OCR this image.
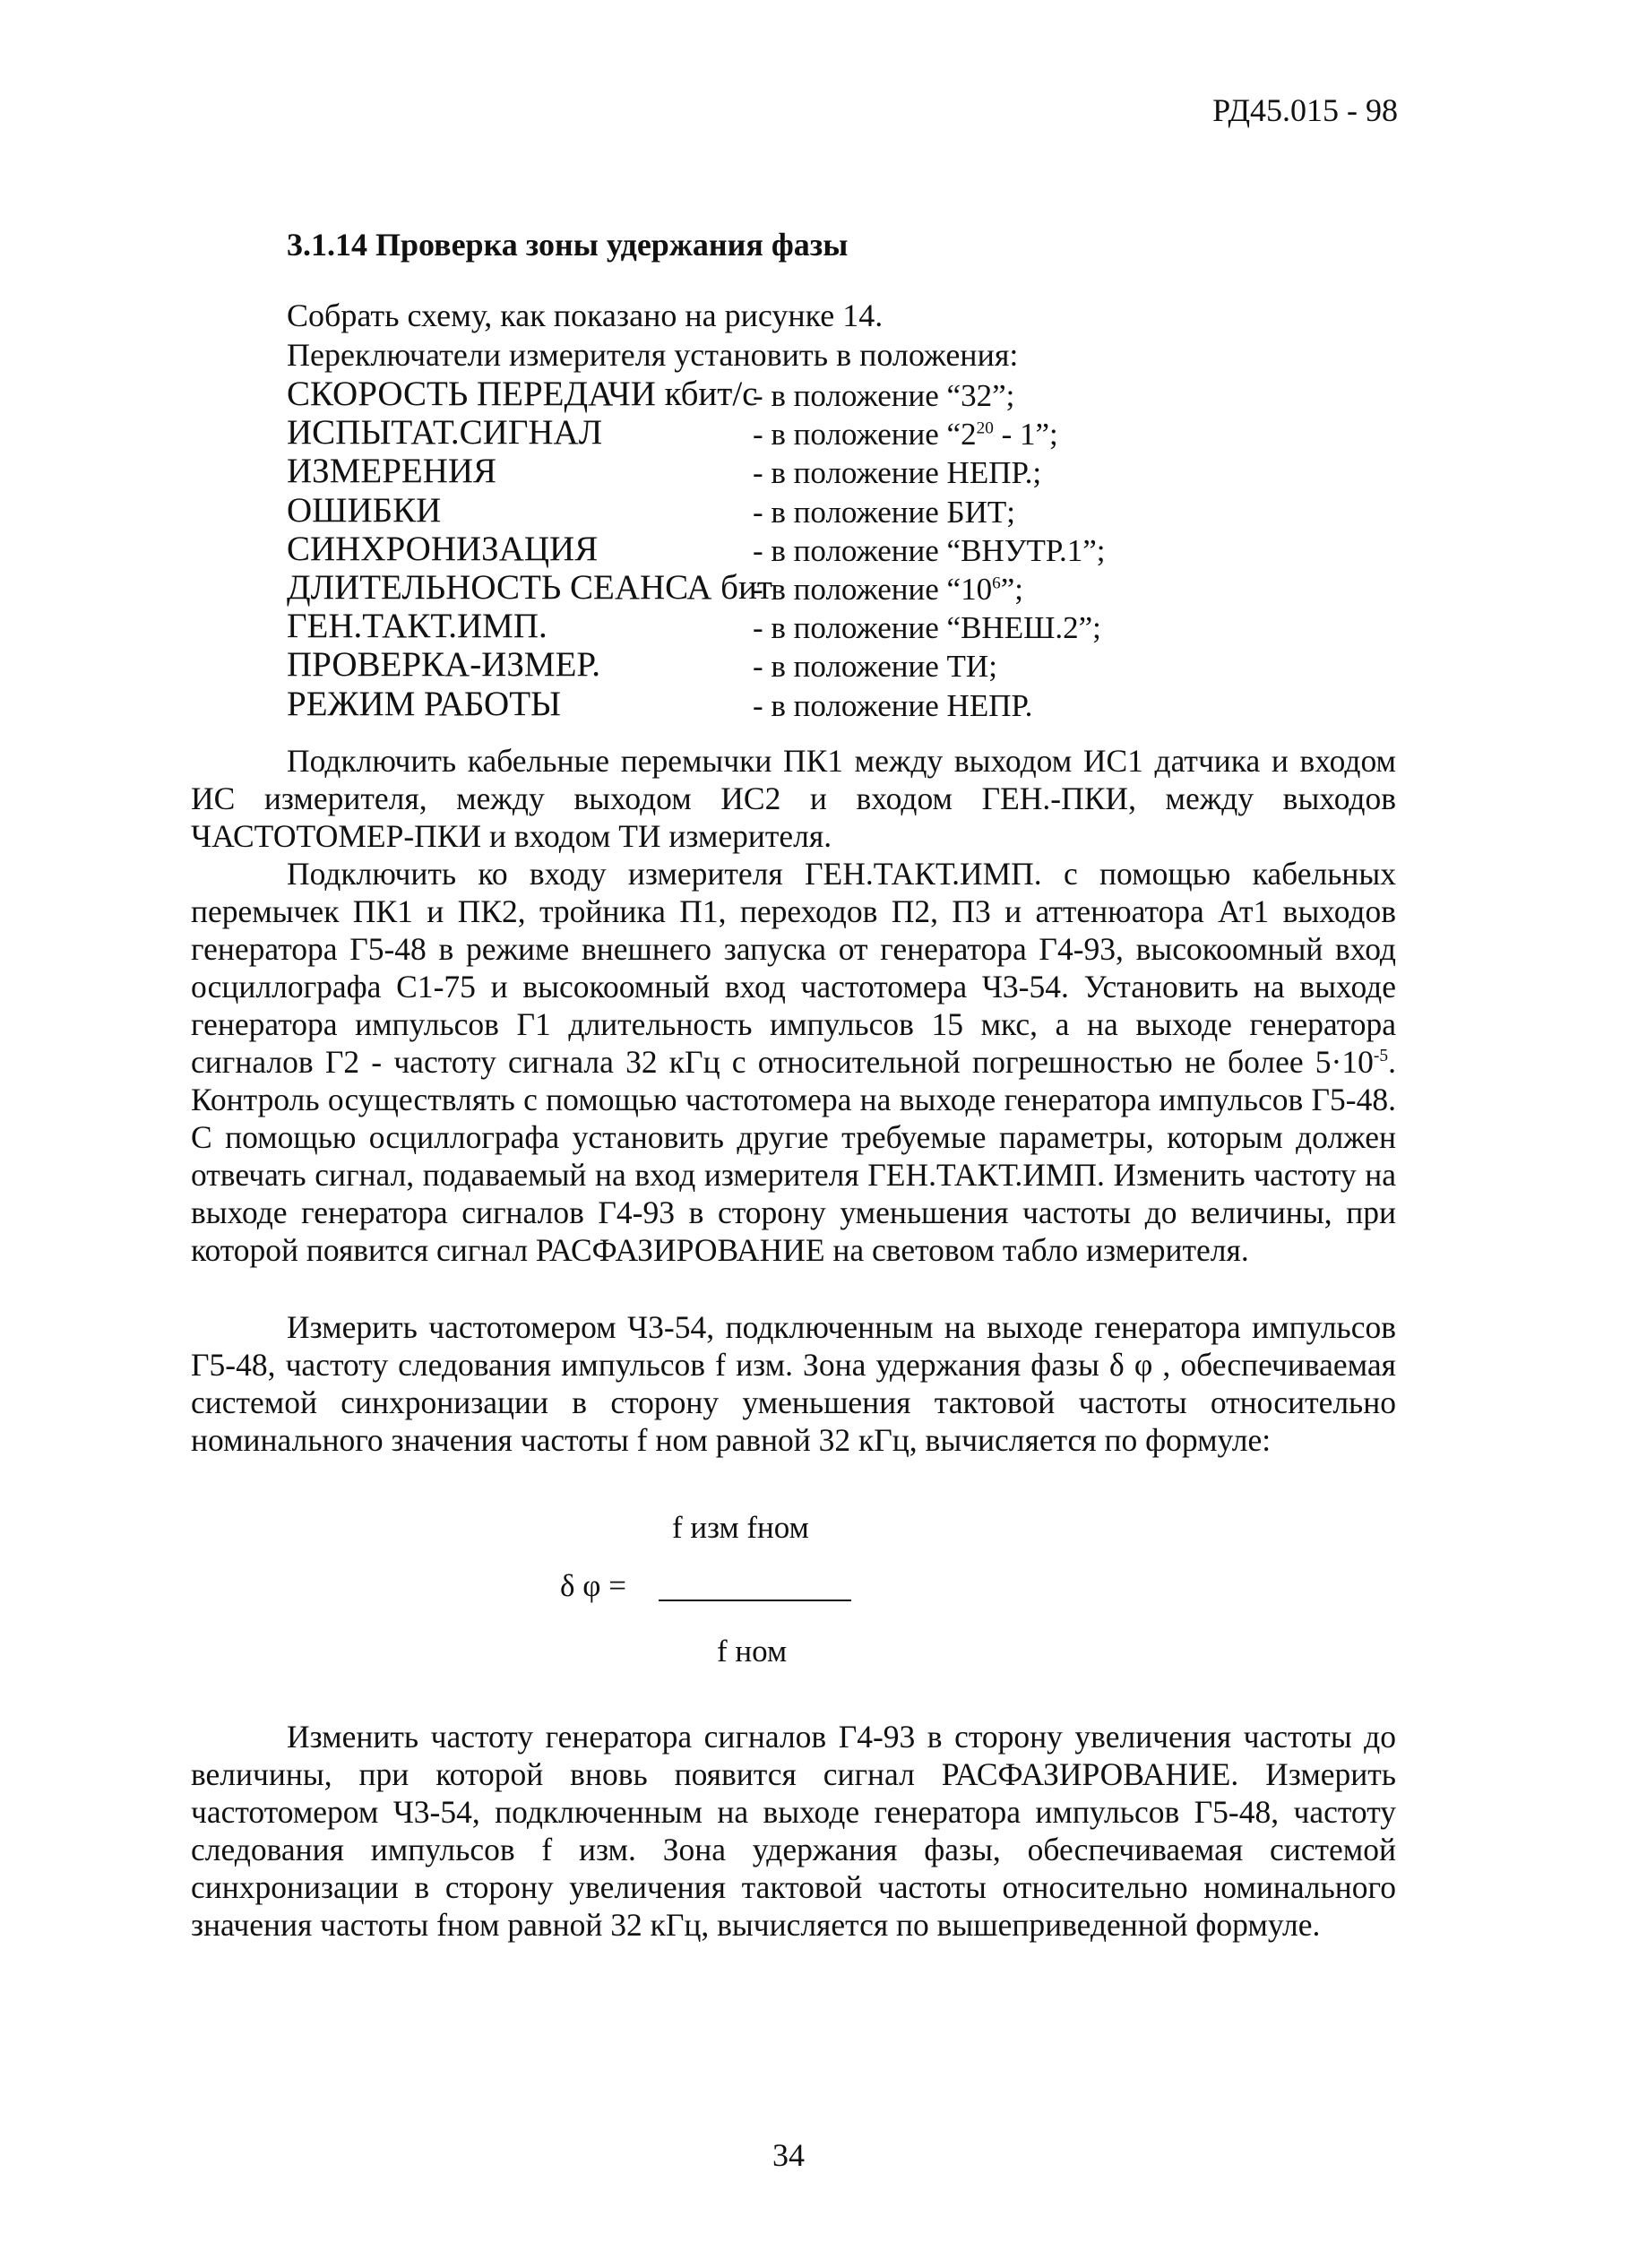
РД45.015 - 98
3.1.14 Проверка зоны удержания фазы
Собрать схему, как показано на рисунке 14.
Переключатели измерителя установить в положения:
СКОРОСТЬ ПЕРЕДАЧИ кбит/с
- в положение “32”;
ИСПЫТАТ.СИГНАЛ	- в положение “$2^{20} - 1$”;
ИЗМЕРЕНИЯ	- в положение НЕПР.;
ОШИБКИ	- в положение БИТ;
СИНХРОНИЗАЦИЯ	- в положение “ВНУТР.1”;
ДЛИТЕЛЬНОСТЬ СЕАНСА бит
- в положение “$10^6$”;
ГЕН.ТАКТ.ИМП.	- в положение “ВНЕШ.2”;
ПРОВЕРКА-ИЗМЕР.	- в положение ТИ;
РЕЖИМ РАБОТЫ	- в положение НЕПР.

Подключить кабельные перемычки ПК1 между выходом ИС1 датчика и входом ИС измерителя, между выходом ИС2 и входом ГЕН.-ПКИ, между выходов ЧАСТОТОМЕР-ПКИ и входом ТИ измерителя.

Подключить ко входу измерителя ГЕН.ТАКТ.ИМП. с помощью кабельных перемычек ПК1 и ПК2, тройника П1, переходов П2, П3 и аттенюатора Ат1 выходов генератора Г5-48 в режиме внешнего запуска от генератора Г4-93, высокоомный вход осциллографа С1-75 и высокоомный вход частотомера Ч3-54. Установить на выходе генератора импульсов Г1 длительность импульсов 15 мкс, а на выходе генератора сигналов Г2 - частоту сигнала 32 кГц с относительной погрешностью не более $5\cdot 10^{-5}$. Контроль осуществлять с помощью частотомера на выходе генератора импульсов Г5-48. С помощью осциллографа установить другие требуемые параметры, которым должен отвечать сигнал, подаваемый на вход измерителя ГЕН.ТАКТ.ИМП. Изменить частоту на выходе генератора сигналов Г4-93 в сторону уменьшения частоты до величины, при которой появится сигнал РАСФАЗИРОВАНИЕ на световом табло измерителя.

Измерить частотомером Ч3-54, подключенным на выходе генератора импульсов Г5-48, частоту следования импульсов f изм. Зона удержания фазы δ φ , обеспечиваемая системой синхронизации в сторону уменьшения тактовой частоты относительно номинального значения частоты f ном равной 32 кГц, вычисляется по формуле:

f изм fном
δ φ =
f ном

Изменить частоту генератора сигналов Г4-93 в сторону увеличения частоты до величины, при которой вновь появится сигнал РАСФАЗИРОВАНИЕ. Измерить частотомером Ч3-54, подключенным на выходе генератора импульсов Г5-48, частоту следования импульсов f изм. Зона удержания фазы, обеспечиваемая системой синхронизации в сторону увеличения тактовой частоты относительно номинального значения частоты fном равной 32 кГц, вычисляется по вышеприведенной формуле.

34
